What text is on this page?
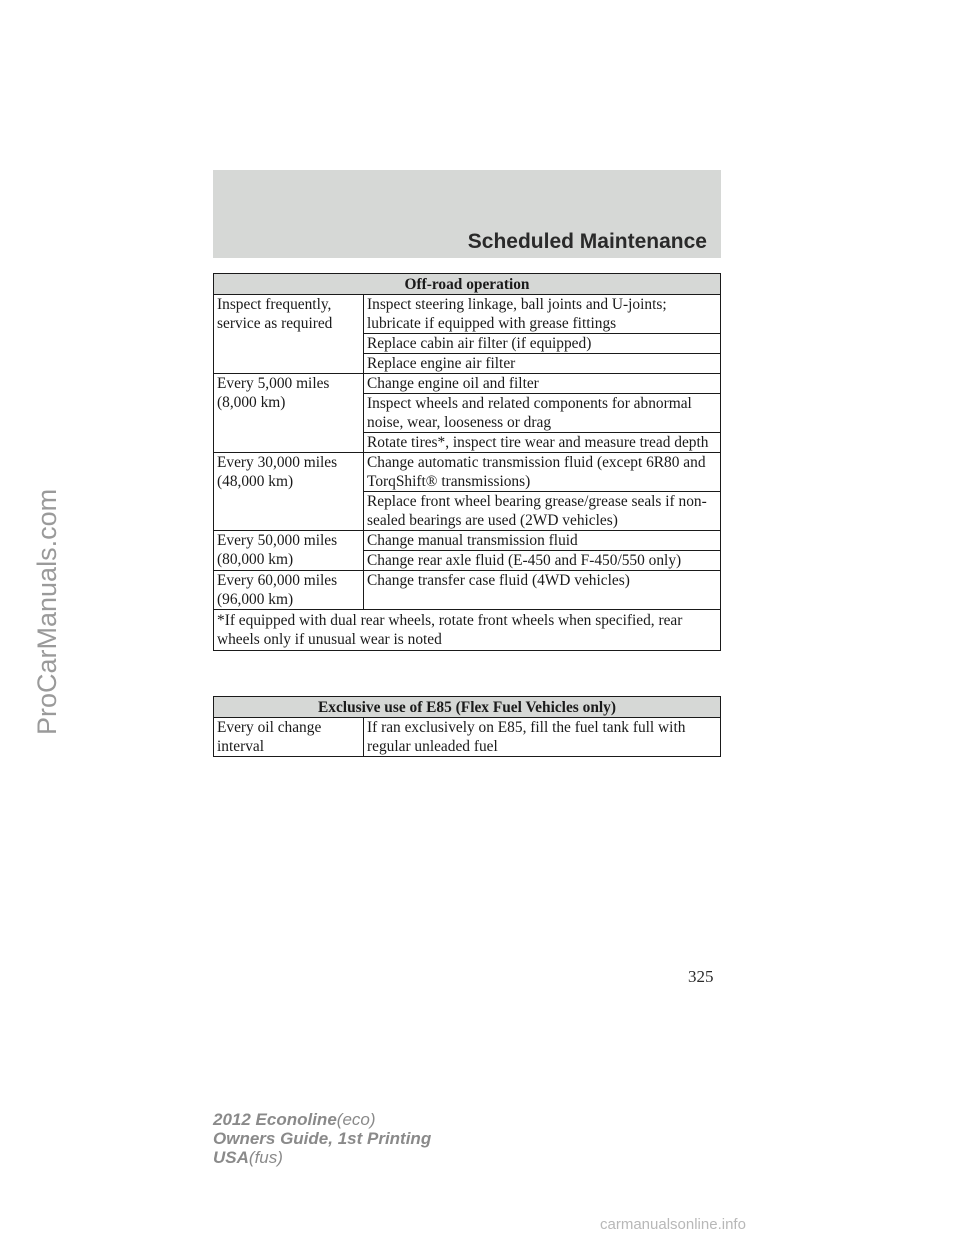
ProCarManuals.com
Scheduled Maintenance
Off-road operation	
Inspect frequently, service as required	Inspect steering linkage, ball joints and U-joints; lubricate if equipped with grease fittings
	Replace cabin air filter (if equipped)
	Replace engine air filter
Every 5,000 miles (8,000 km)	Change engine oil and filter
	Inspect wheels and related components for abnormal noise, wear, looseness or drag
	Rotate tires*, inspect tire wear and measure tread depth
Every 30,000 miles (48,000 km)	Change automatic transmission fluid (except 6R80 and TorqShift® transmissions)
	Replace front wheel bearing grease/grease seals if non-sealed bearings are used (2WD vehicles)
Every 50,000 miles (80,000 km)	Change manual transmission fluid
	Change rear axle fluid (E-450 and F-450/550 only)
Every 60,000 miles (96,000 km)	Change transfer case fluid (4WD vehicles)
*If equipped with dual rear wheels, rotate front wheels when specified, rear wheels only if unusual wear is noted	
Exclusive use of E85 (Flex Fuel Vehicles only)
Every oil change interval	If ran exclusively on E85, fill the fuel tank full with regular unleaded fuel
325
2012 Econoline(eco)
Owners Guide, 1st Printing
USA(fus)
carmanualsonline.info
